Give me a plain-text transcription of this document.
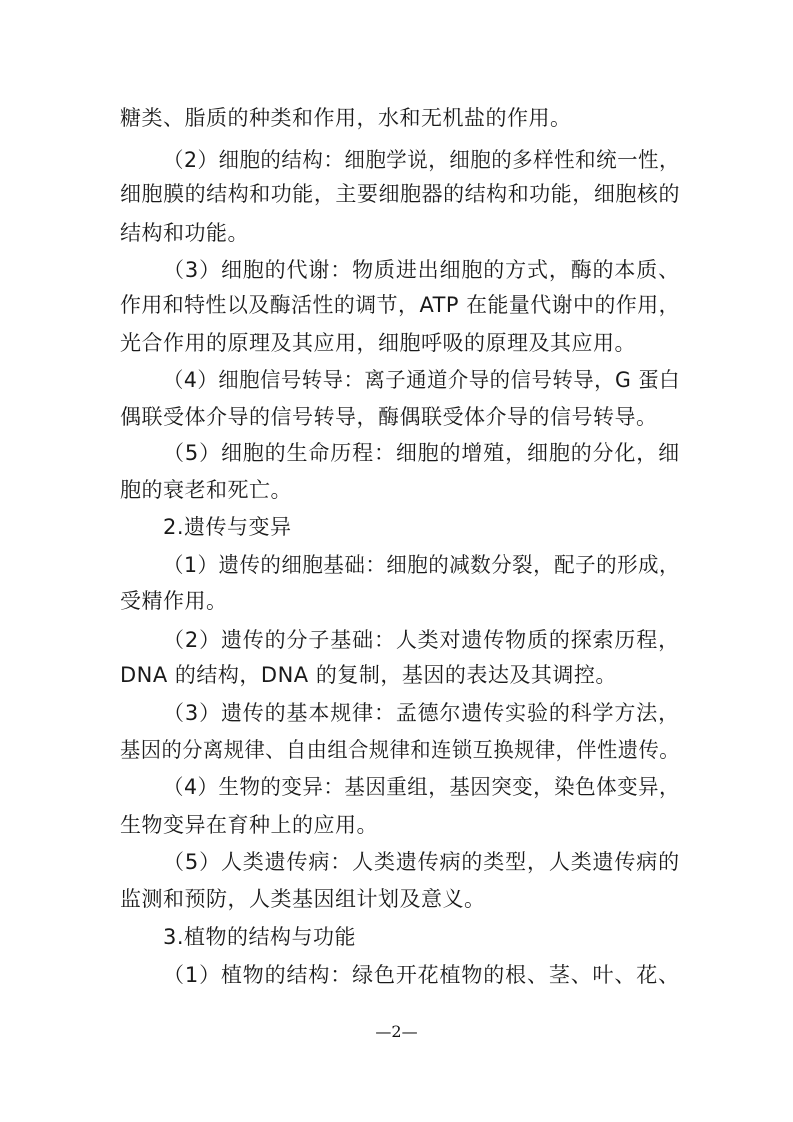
糖类、脂质的种类和作用，水和无机盐的作用。
（2）细胞的结构：细胞学说，细胞的多样性和统一性，
细胞膜的结构和功能，主要细胞器的结构和功能，细胞核的
结构和功能。
（3）细胞的代谢：物质进出细胞的方式，酶的本质、
作用和特性以及酶活性的调节，ATP 在能量代谢中的作用，
光合作用的原理及其应用，细胞呼吸的原理及其应用。
（4）细胞信号转导：离子通道介导的信号转导，G 蛋白
偶联受体介导的信号转导，酶偶联受体介导的信号转导。
（5）细胞的生命历程：细胞的增殖，细胞的分化，细
胞的衰老和死亡。
2.遗传与变异
（1）遗传的细胞基础：细胞的减数分裂，配子的形成，
受精作用。
（2）遗传的分子基础：人类对遗传物质的探索历程，
DNA 的结构，DNA 的复制，基因的表达及其调控。
（3）遗传的基本规律：孟德尔遗传实验的科学方法，
基因的分离规律、自由组合规律和连锁互换规律，伴性遗传。
（4）生物的变异：基因重组，基因突变，染色体变异，
生物变异在育种上的应用。
（5）人类遗传病：人类遗传病的类型，人类遗传病的
监测和预防，人类基因组计划及意义。
3.植物的结构与功能
（1）植物的结构：绿色开花植物的根、茎、叶、花、
—2—
